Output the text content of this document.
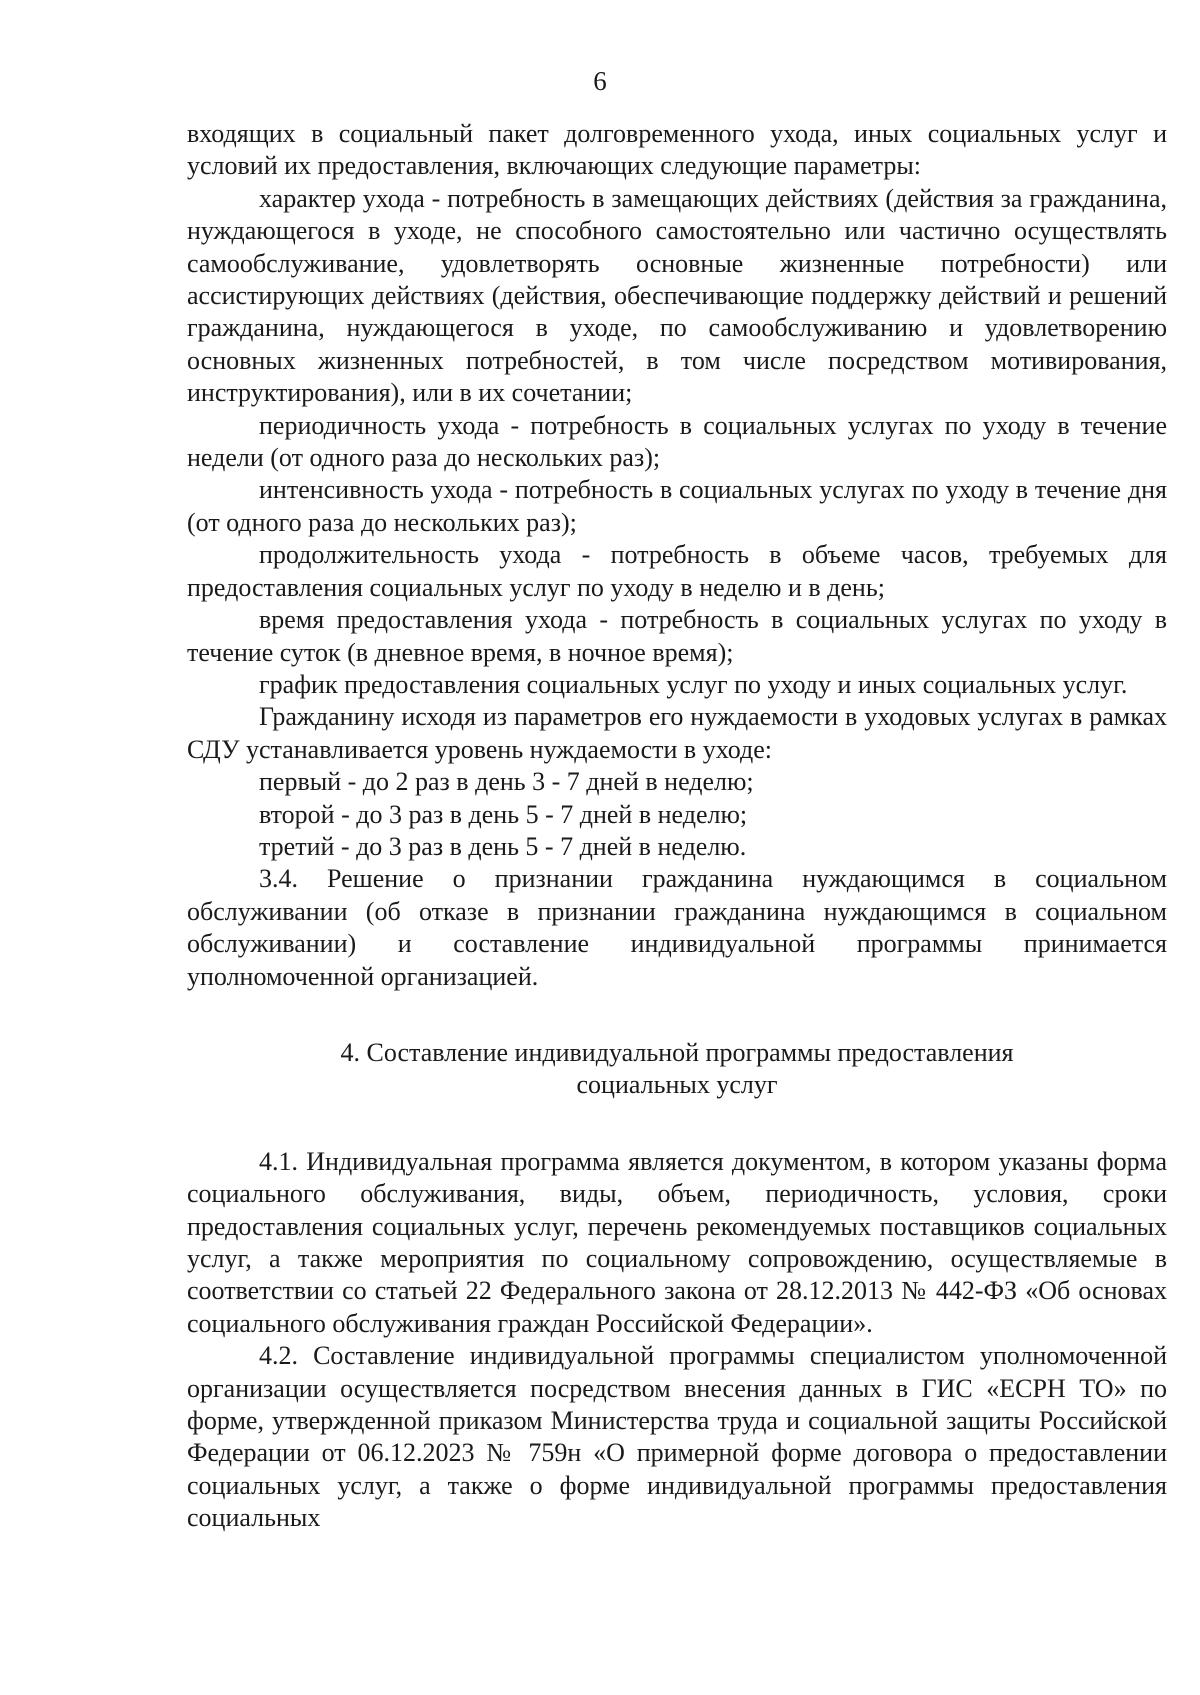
6

входящих в социальный пакет долговременного ухода, иных социальных услуг и условий их предоставления, включающих следующие параметры:

характер ухода - потребность в замещающих действиях (действия за гражданина, нуждающегося в уходе, не способного самостоятельно или частично осуществлять самообслуживание, удовлетворять основные жизненные потребности) или ассистирующих действиях (действия, обеспечивающие поддержку действий и решений гражданина, нуждающегося в уходе, по самообслуживанию и удовлетворению основных жизненных потребностей, в том числе посредством мотивирования, инструктирования), или в их сочетании;

периодичность ухода - потребность в социальных услугах по уходу в течение недели (от одного раза до нескольких раз);

интенсивность ухода - потребность в социальных услугах по уходу в течение дня (от одного раза до нескольких раз);

продолжительность ухода - потребность в объеме часов, требуемых для предоставления социальных услуг по уходу в неделю и в день;

время предоставления ухода - потребность в социальных услугах по уходу в течение суток (в дневное время, в ночное время);

график предоставления социальных услуг по уходу и иных социальных услуг.

Гражданину исходя из параметров его нуждаемости в уходовых услугах в рамках СДУ устанавливается уровень нуждаемости в уходе:

первый - до 2 раз в день 3 - 7 дней в неделю;

второй - до 3 раз в день 5 - 7 дней в неделю;

третий - до 3 раз в день 5 - 7 дней в неделю.

3.4. Решение о признании гражданина нуждающимся в социальном обслуживании (об отказе в признании гражданина нуждающимся в социальном обслуживании) и составление индивидуальной программы принимается уполномоченной организацией.

4. Составление индивидуальной программы предоставления
социальных услуг

4.1. Индивидуальная программа является документом, в котором указаны форма социального обслуживания, виды, объем, периодичность, условия, сроки предоставления социальных услуг, перечень рекомендуемых поставщиков социальных услуг, а также мероприятия по социальному сопровождению, осуществляемые в соответствии со статьей 22 Федерального закона от 28.12.2013 № 442-ФЗ «Об основах социального обслуживания граждан Российской Федерации».

4.2. Составление индивидуальной программы специалистом уполномоченной организации осуществляется посредством внесения данных в ГИС «ЕСРН ТО» по форме, утвержденной приказом Министерства труда и социальной защиты Российской Федерации от 06.12.2023 № 759н «О примерной форме договора о предоставлении социальных услуг, а также о форме индивидуальной программы предоставления социальных
